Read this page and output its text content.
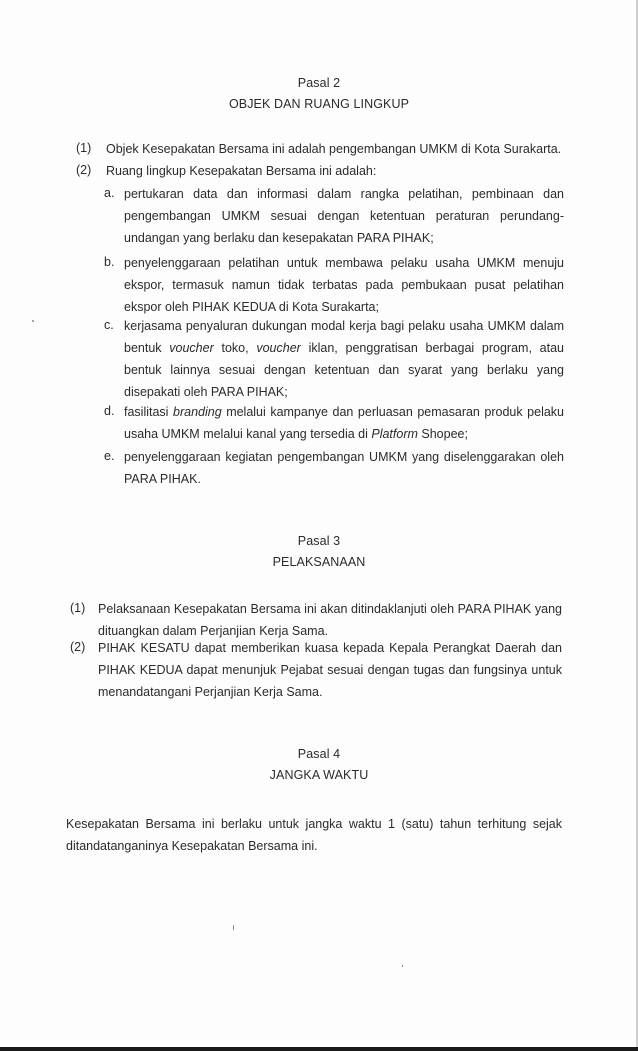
Pasal 2
OBJEK DAN RUANG LINGKUP
(1) Objek Kesepakatan Bersama ini adalah pengembangan UMKM di Kota Surakarta.
(2) Ruang lingkup Kesepakatan Bersama ini adalah:
a. pertukaran data dan informasi dalam rangka pelatihan, pembinaan dan pengembangan UMKM sesuai dengan ketentuan peraturan perundang-undangan yang berlaku dan kesepakatan PARA PIHAK;
b. penyelenggaraan pelatihan untuk membawa pelaku usaha UMKM menuju ekspor, termasuk namun tidak terbatas pada pembukaan pusat pelatihan ekspor oleh PIHAK KEDUA di Kota Surakarta;
c. kerjasama penyaluran dukungan modal kerja bagi pelaku usaha UMKM dalam bentuk voucher toko, voucher iklan, penggratisan berbagai program, atau bentuk lainnya sesuai dengan ketentuan dan syarat yang berlaku yang disepakati oleh PARA PIHAK;
d. fasilitasi branding melalui kampanye dan perluasan pemasaran produk pelaku usaha UMKM melalui kanal yang tersedia di Platform Shopee;
e. penyelenggaraan kegiatan pengembangan UMKM yang diselenggarakan oleh PARA PIHAK.
Pasal 3
PELAKSANAAN
(1) Pelaksanaan Kesepakatan Bersama ini akan ditindaklanjuti oleh PARA PIHAK yang dituangkan dalam Perjanjian Kerja Sama.
(2) PIHAK KESATU dapat memberikan kuasa kepada Kepala Perangkat Daerah dan PIHAK KEDUA dapat menunjuk Pejabat sesuai dengan tugas dan fungsinya untuk menandatangani Perjanjian Kerja Sama.
Pasal 4
JANGKA WAKTU
Kesepakatan Bersama ini berlaku untuk jangka waktu 1 (satu) tahun terhitung sejak ditandatanganinya Kesepakatan Bersama ini.
